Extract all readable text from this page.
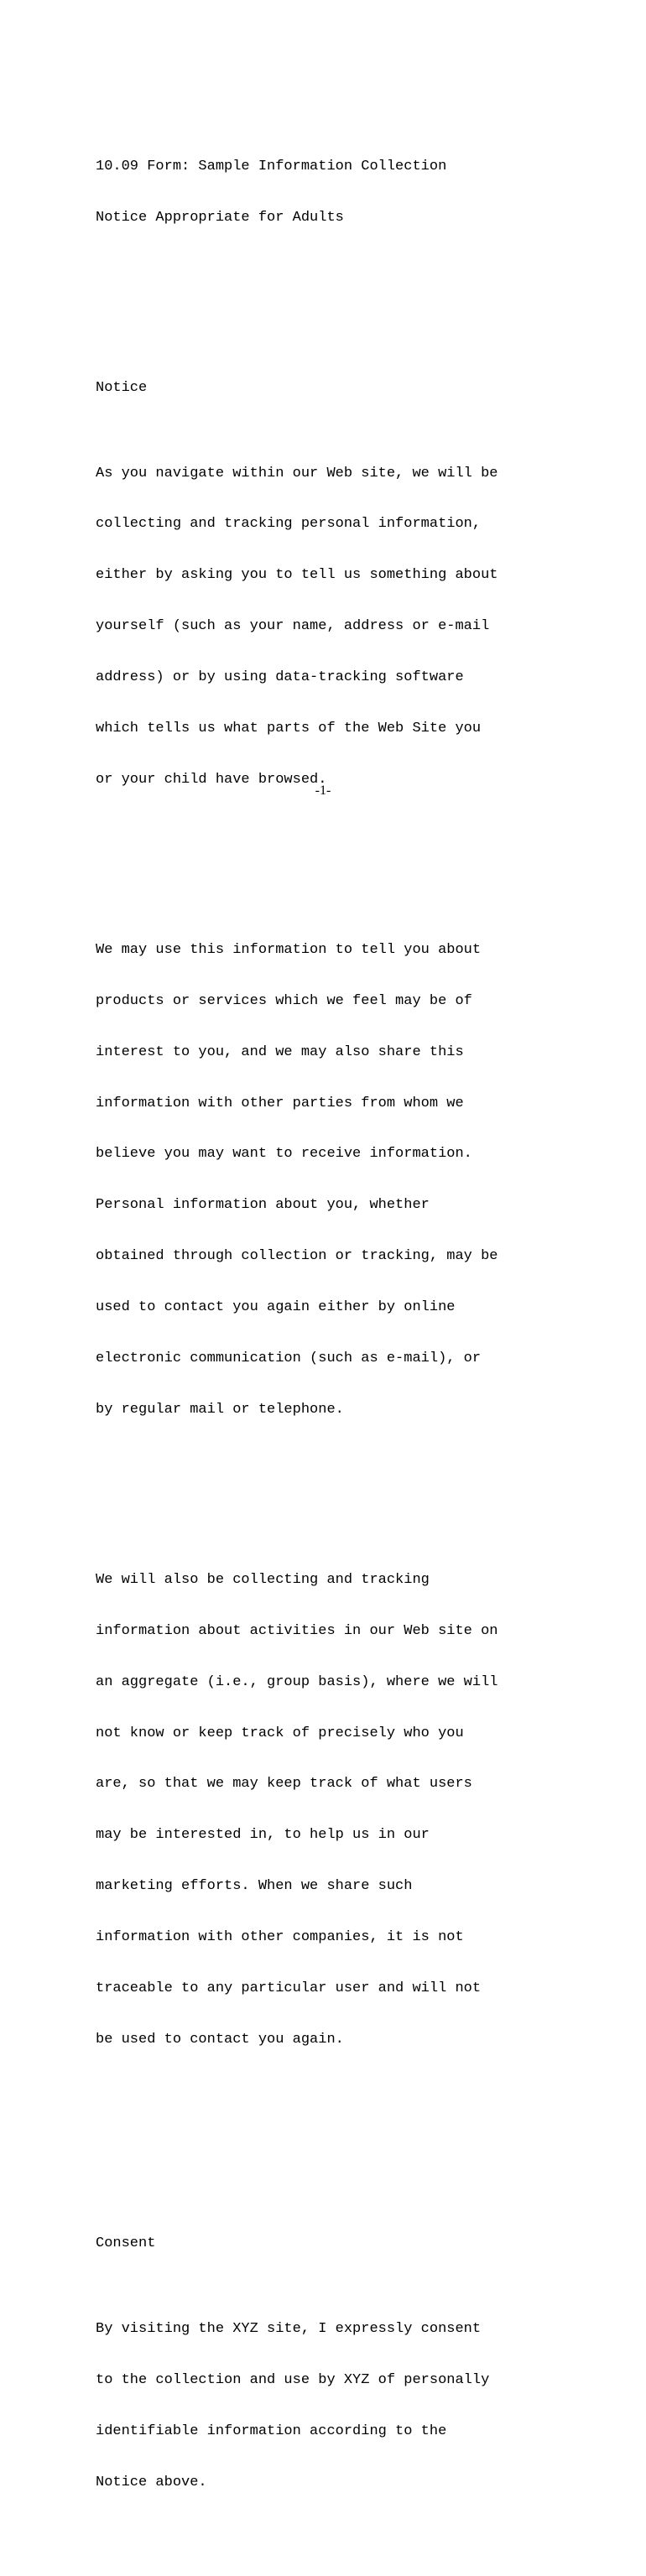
10.09 Form: Sample Information Collection

Notice Appropriate for Adults

Notice

As you navigate within our Web site, we will be

collecting and tracking personal information,

either by asking you to tell us something about

yourself (such as your name, address or e-mail

address) or by using data-tracking software

which tells us what parts of the Web Site you

or your child have browsed.

We may use this information to tell you about

products or services which we feel may be of

interest to you, and we may also share this

information with other parties from whom we

believe you may want to receive information.

Personal information about you, whether

obtained through collection or tracking, may be

used to contact you again either by online

electronic communication (such as e-mail), or

by regular mail or telephone.

We will also be collecting and tracking

information about activities in our Web site on

an aggregate (i.e., group basis), where we will

not know or keep track of precisely who you

are, so that we may keep track of what users

may be interested in, to help us in our

marketing efforts. When we share such

information with other companies, it is not

traceable to any particular user and will not

be used to contact you again.

Consent

By visiting the XYZ site, I expressly consent

to the collection and use by XYZ of personally

identifiable information according to the

Notice above.

-1-
